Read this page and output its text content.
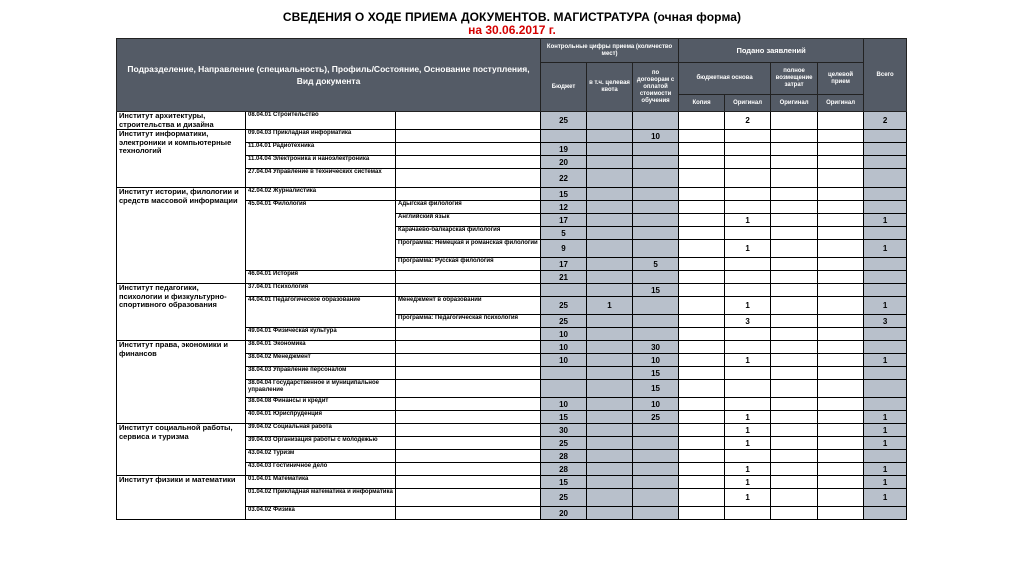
СВЕДЕНИЯ О ХОДЕ ПРИЕМА ДОКУМЕНТОВ. МАГИСТРАТУРА (очная форма)
на 30.06.2017 г.
Подразделение, Направление (специальность), Профиль/Состояние, Основание поступления, Вид документа			Контрольные цифры приема (количество мест)			Подано заявлений				Всего
			Бюджет	в т.ч. целевая квота	по договорам с оплатой стоимости обучения	бюджетная основа		полное возмещение затрат	целевой прием	
						Копия	Оригинал	Оригинал	Оригинал	
Институт архитектуры, строительства и дизайна	08.04.01 Строительство		25				2			2
Институт информатики, электроники и компьютерные технологий	09.04.03 Прикладная информатика				10					
	11.04.01 Радиотехника		19							
	11.04.04 Электроника и наноэлектроника		20							
	27.04.04 Управление в технических системах		22							
Институт истории, филологии и средств массовой информации	42.04.02 Журналистика		15							
	45.04.01 Филология	Адыгская филология	12							
		Английский язык	17				1			1
		Карачаево-балкарская филология	5							
		Программа: Немецкая и романская филологии	9				1			1
		Программа: Русская филология	17		5					
	46.04.01 История		21							
Институт педагогики, психологии и физкультурно-спортивного образования	37.04.01 Психология				15					
	44.04.01 Педагогическое образование	Менеджмент в образовании	25	1			1			1
		Программа: Педагогическая психология	25				3			3
	49.04.01 Физическая культура		10							
Институт права, экономики и финансов	38.04.01 Экономика		10		30					
	38.04.02 Менеджмент		10		10		1			1
	38.04.03 Управление персоналом				15					
	38.04.04 Государственное и муниципальное управление				15					
	38.04.08 Финансы и кредит		10		10					
	40.04.01 Юриспруденция		15		25		1			1
Институт социальной работы, сервиса и туризма	39.04.02 Социальная работа		30				1			1
	39.04.03 Организация работы с молодежью		25				1			1
	43.04.02 Туризм		28							
	43.04.03 Гостиничное дело		28				1			1
Институт физики и математики	01.04.01 Математика		15				1			1
	01.04.02 Прикладная математика и информатика		25				1			1
	03.04.02 Физика		20							
